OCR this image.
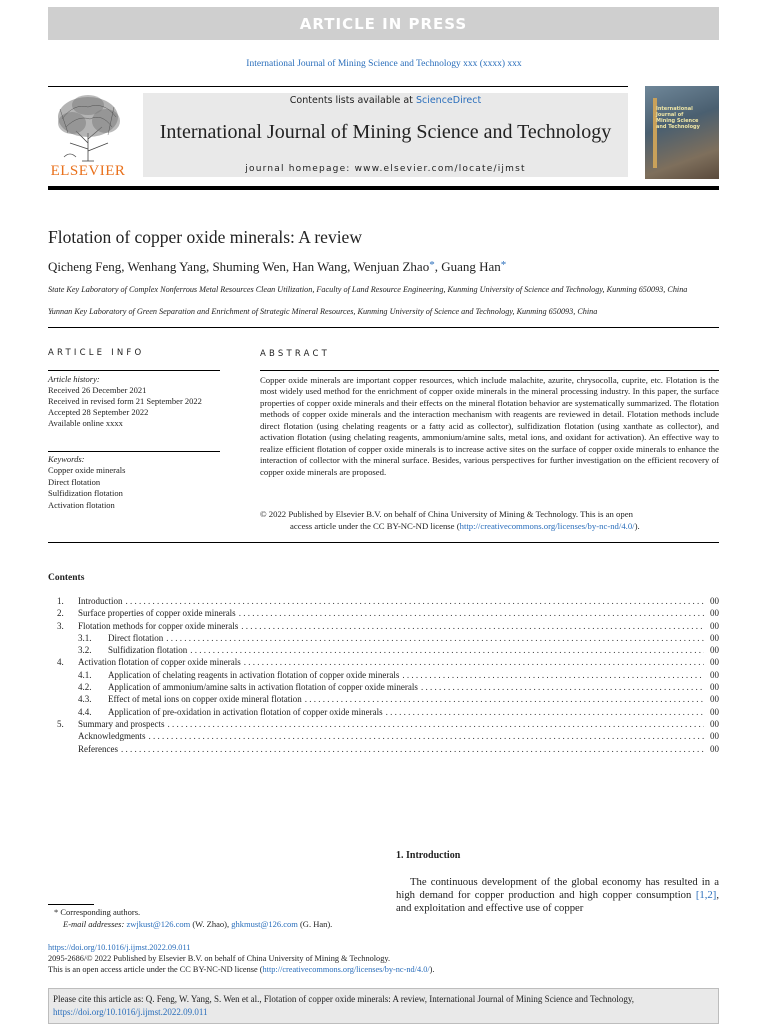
ARTICLE IN PRESS
International Journal of Mining Science and Technology xxx (xxxx) xxx
ELSEVIER
Contents lists available at ScienceDirect
International Journal of Mining Science and Technology
journal homepage: www.elsevier.com/locate/ijmst
International Journal of Mining Science and Technology
Flotation of copper oxide minerals: A review
Qicheng Feng, Wenhang Yang, Shuming Wen, Han Wang, Wenjuan Zhao*, Guang Han*
State Key Laboratory of Complex Nonferrous Metal Resources Clean Utilization, Faculty of Land Resource Engineering, Kunming University of Science and Technology, Kunming 650093, China
Yunnan Key Laboratory of Green Separation and Enrichment of Strategic Mineral Resources, Kunming University of Science and Technology, Kunming 650093, China
ARTICLE INFO	ABSTRACT
Article history:
Received 26 December 2021
Received in revised form 21 September 2022
Accepted 28 September 2022
Available online xxxx
Keywords:
Copper oxide minerals
Direct flotation
Sulfidization flotation
Activation flotation
Copper oxide minerals are important copper resources, which include malachite, azurite, chrysocolla, cuprite, etc. Flotation is the most widely used method for the enrichment of copper oxide minerals in the mineral processing industry. In this paper, the surface properties of copper oxide minerals and their effects on the mineral flotation behavior are systematically summarized. The flotation methods of copper oxide minerals and the interaction mechanism with reagents are reviewed in detail. Flotation methods include direct flotation (using chelating reagents or a fatty acid as collector), sulfidization flotation (using xanthate as collector), and activation flotation (using chelating reagents, ammonium/amine salts, metal ions, and oxidant for activation). An effective way to realize efficient flotation of copper oxide minerals is to increase active sites on the surface of copper oxide minerals to enhance the interaction of collector with the mineral surface. Besides, various perspectives for further investigation on the efficient recovery of copper oxide minerals are proposed.
© 2022 Published by Elsevier B.V. on behalf of China University of Mining & Technology. This is an open
access article under the CC BY-NC-ND license (http://creativecommons.org/licenses/by-nc-nd/4.0/).
Contents
1.	Introduction . . .	00
2.	Surface properties of copper oxide minerals . . .	00
3.	Flotation methods for copper oxide minerals . . .	00
3.1.	Direct flotation . . .	00
3.2.	Sulfidization flotation . . .	00
4.	Activation flotation of copper oxide minerals . . .	00
4.1.	Application of chelating reagents in activation flotation of copper oxide minerals . . .	00
4.2.	Application of ammonium/amine salts in activation flotation of copper oxide minerals . . .	00
4.3.	Effect of metal ions on copper oxide mineral flotation . . .	00
4.4.	Application of pre-oxidation in activation flotation of copper oxide minerals . . .	00
5.	Summary and prospects . . .	00
Acknowledgments . . .	00
References . . .	00
1. Introduction
The continuous development of the global economy has resulted in a high demand for copper production and high copper consumption [1,2], and exploitation and effective use of copper
* Corresponding authors.
E-mail addresses: zwjkust@126.com (W. Zhao), ghkmust@126.com (G. Han).
https://doi.org/10.1016/j.ijmst.2022.09.011
2095-2686/© 2022 Published by Elsevier B.V. on behalf of China University of Mining & Technology.
This is an open access article under the CC BY-NC-ND license (http://creativecommons.org/licenses/by-nc-nd/4.0/).
Please cite this article as: Q. Feng, W. Yang, S. Wen et al., Flotation of copper oxide minerals: A review, International Journal of Mining Science and Technology, https://doi.org/10.1016/j.ijmst.2022.09.011
